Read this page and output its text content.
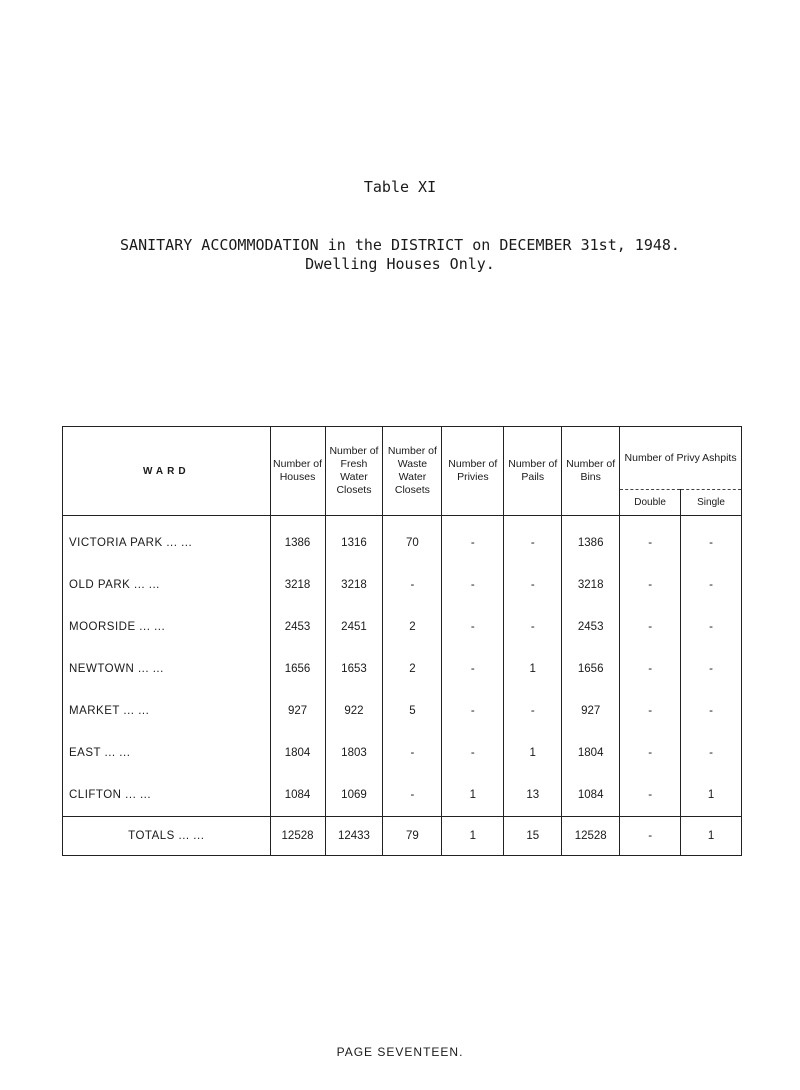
Table XI
SANITARY ACCOMMODATION in the DISTRICT on DECEMBER 31st, 1948.
Dwelling Houses Only.
WARD	Number of Houses	Number of Fresh Water Closets	Number of Waste Water Closets	Number of Privies	Number of Pails	Number of Bins	Number of Privy Ashpits	
							Double	Single
VICTORIA PARK ... ...	1386	1316	70	-	-	1386	-	-
OLD PARK ... ...	3218	3218	-	-	-	3218	-	-
MOORSIDE ... ...	2453	2451	2	-	-	2453	-	-
NEWTOWN ... ...	1656	1653	2	-	1	1656	-	-
MARKET ... ...	927	922	5	-	-	927	-	-
EAST ... ...	1804	1803	-	-	1	1804	-	-
CLIFTON ... ...	1084	1069	-	1	13	1084	-	1
TOTALS ... ...	12528	12433	79	1	15	12528	-	1
PAGE SEVENTEEN.
